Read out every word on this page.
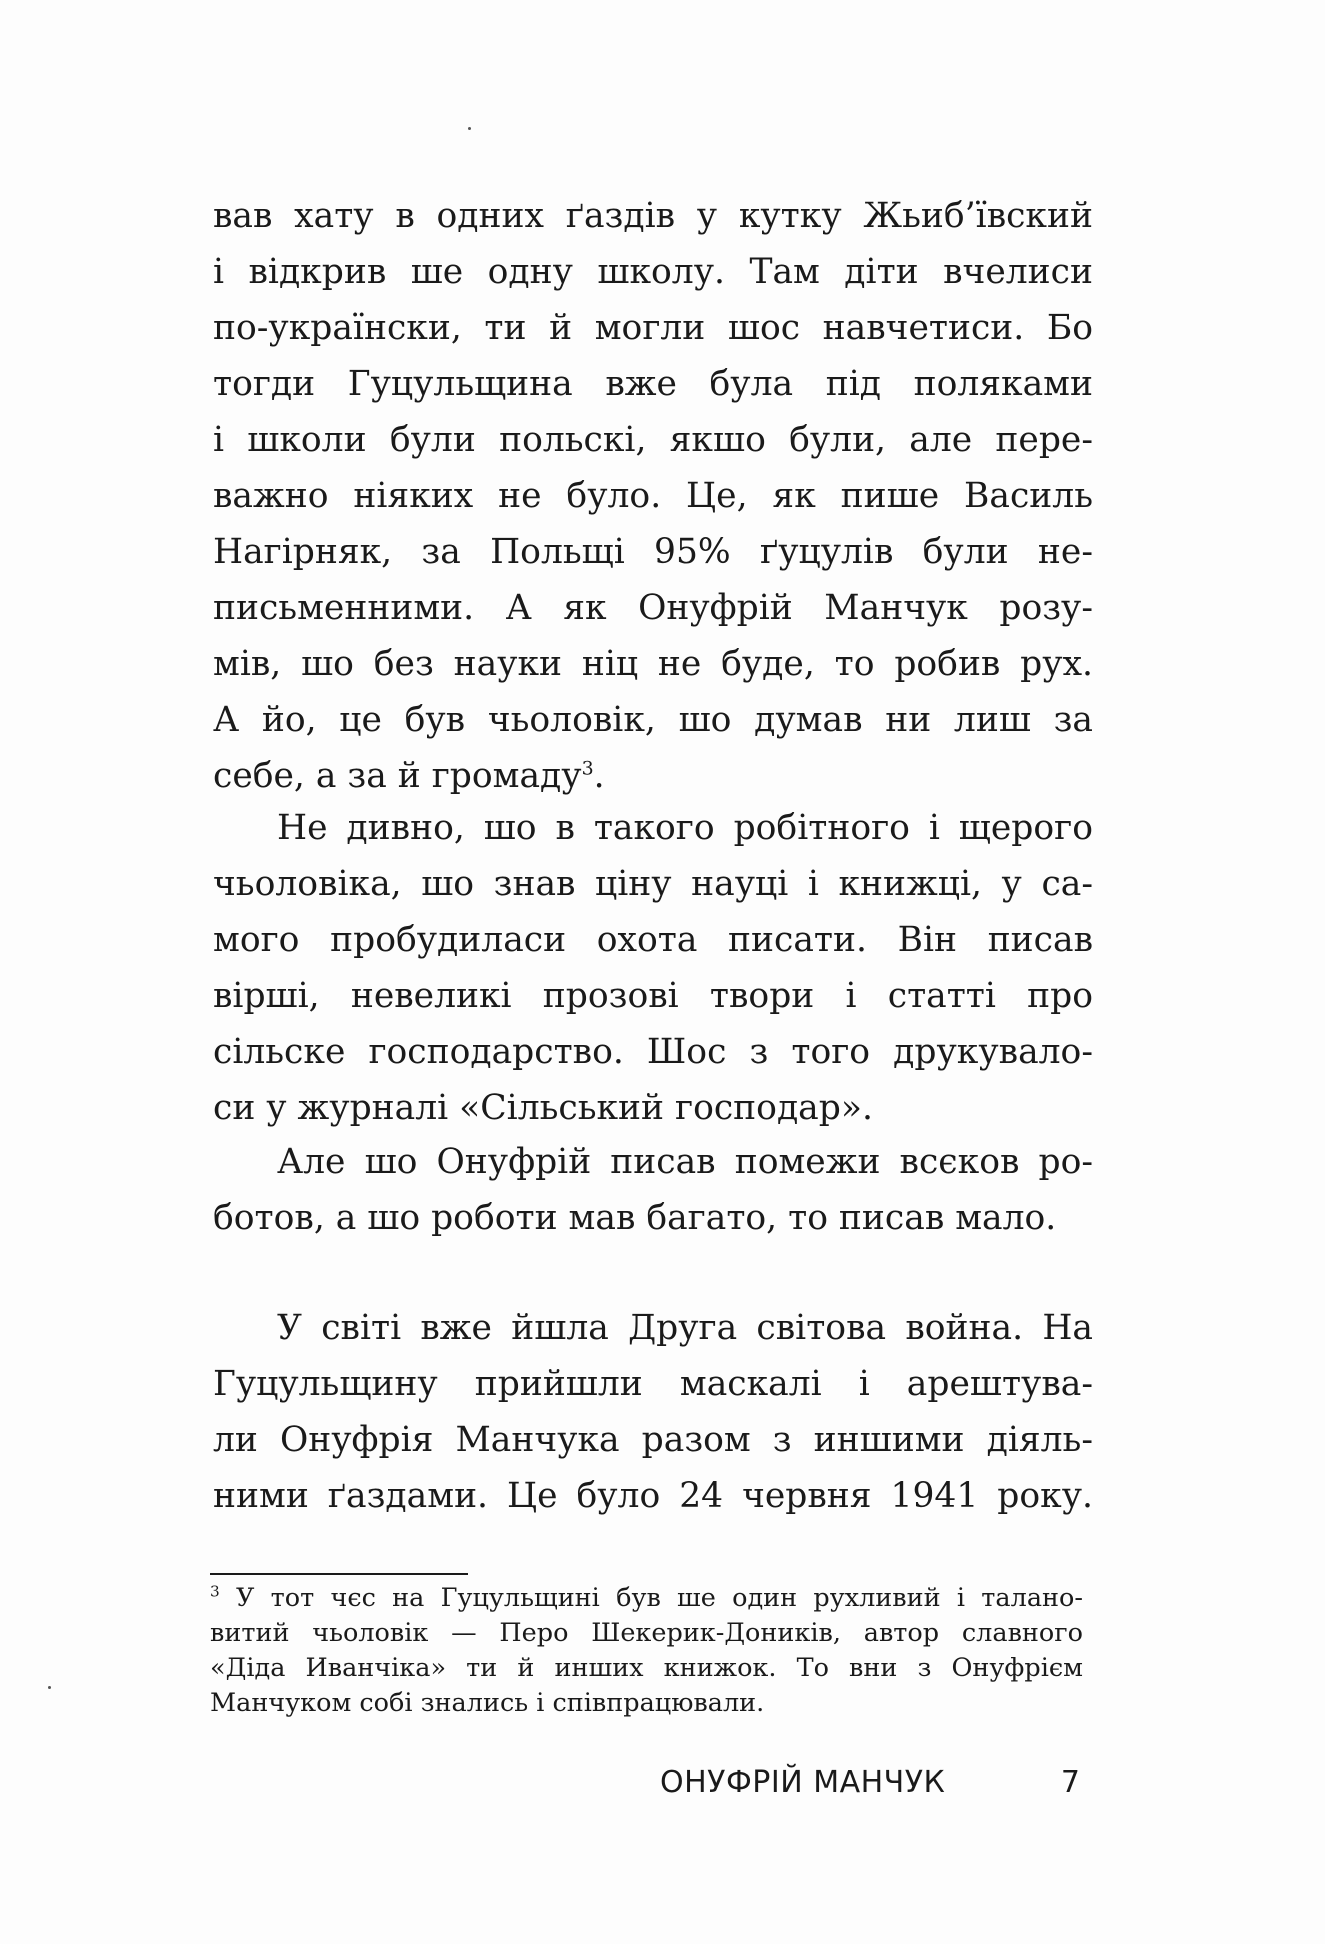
вав хату в одних ґаздів у кутку Жьиб’ївский
і відкрив ше одну школу. Там діти вчелиси
по-українски, ти й могли шос навчетиси. Бо
тогди Гуцульщина вже була під поляками
і школи були польскі, якшо були, але пере-
важно ніяких не було. Це, як пише Василь
Нагірняк, за Польщі 95% ґуцулів були не-
письменними. А як Онуфрій Манчук розу-
мів, шо без науки ніц не буде, то робив рух.
А йо, це був чьоловік, шо думав ни лиш за
себе, а за й громаду$^3$.
Не дивно, шо в такого робітного і щерого
чьоловіка, шо знав ціну науці і книжці, у са-
мого пробудиласи охота писати. Він писав
вірші, невеликі прозові твори і статті про
сільске господарство. Шос з того друкувало-
си у журналі «Сільський господар».
Але шо Онуфрій писав помежи всєков ро-
ботов, а шо роботи мав багато, то писав мало.
У світі вже йшла Друга світова война. На
Гуцульщину прийшли маскалі і арештува-
ли Онуфрія Манчука разом з иншими діяль-
ними ґаздами. Це було 24 червня 1941 року.
$^3$ У тот чєс на Гуцульщині був ше один рухливий і талано-
витий чьоловік — Перо Шекерик-Доників, автор славного
«Діда Иванчіка» ти й инших книжок. То вни з Онуфрієм
Манчуком собі знались і співпрацювали.
ОНУФРІЙ МАНЧУК	7
